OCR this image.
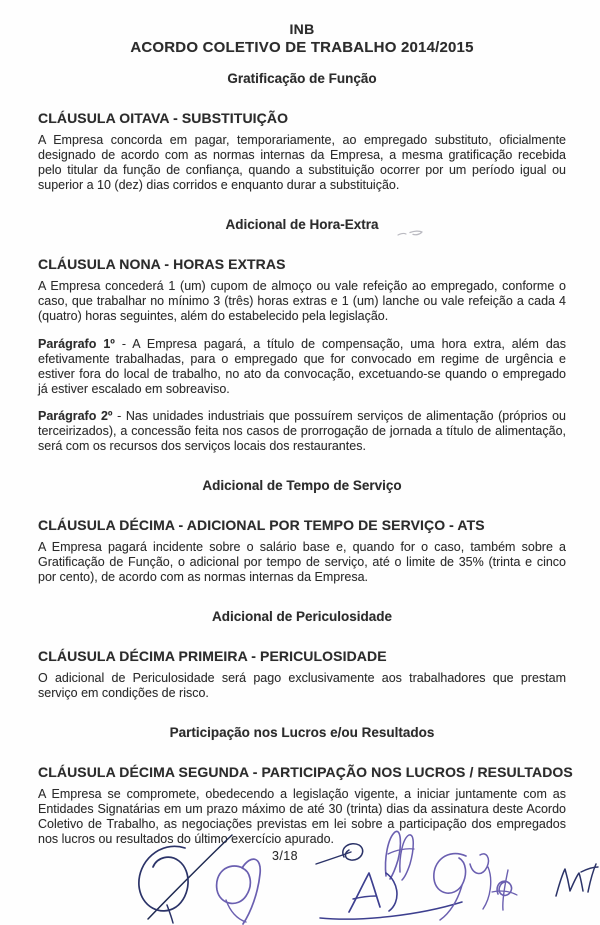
INB
ACORDO COLETIVO DE TRABALHO 2014/2015
Gratificação de Função
CLÁUSULA OITAVA - SUBSTITUIÇÃO

A Empresa concorda em pagar, temporariamente, ao empregado substituto, oficialmente designado de acordo com as normas internas da Empresa, a mesma gratificação recebida pelo titular da função de confiança, quando a substituição ocorrer por um período igual ou superior a 10 (dez) dias corridos e enquanto durar a substituição.

Adicional de Hora-Extra
CLÁUSULA NONA - HORAS EXTRAS

A Empresa concederá 1 (um) cupom de almoço ou vale refeição ao empregado, conforme o caso, que trabalhar no mínimo 3 (três) horas extras e 1 (um) lanche ou vale refeição a cada 4 (quatro) horas seguintes, além do estabelecido pela legislação.

Parágrafo 1º - A Empresa pagará, a título de compensação, uma hora extra, além das efetivamente trabalhadas, para o empregado que for convocado em regime de urgência e estiver fora do local de trabalho, no ato da convocação, excetuando-se quando o empregado já estiver escalado em sobreaviso.

Parágrafo 2º - Nas unidades industriais que possuírem serviços de alimentação (próprios ou terceirizados), a concessão feita nos casos de prorrogação de jornada a título de alimentação, será com os recursos dos serviços locais dos restaurantes.

Adicional de Tempo de Serviço
CLÁUSULA DÉCIMA - ADICIONAL POR TEMPO DE SERVIÇO - ATS

A Empresa pagará incidente sobre o salário base e, quando for o caso, também sobre a Gratificação de Função, o adicional por tempo de serviço, até o limite de 35% (trinta e cinco por cento), de acordo com as normas internas da Empresa.

Adicional de Periculosidade
CLÁUSULA DÉCIMA PRIMEIRA - PERICULOSIDADE

O adicional de Periculosidade será pago exclusivamente aos trabalhadores que prestam serviço em condições de risco.

Participação nos Lucros e/ou Resultados
CLÁUSULA DÉCIMA SEGUNDA - PARTICIPAÇÃO NOS LUCROS / RESULTADOS

A Empresa se compromete, obedecendo a legislação vigente, a iniciar juntamente com as Entidades Signatárias em um prazo máximo de até 30 (trinta) dias da assinatura deste Acordo Coletivo de Trabalho, as negociações previstas em lei sobre a participação dos empregados nos lucros ou resultados do último exercício apurado.

3/18
